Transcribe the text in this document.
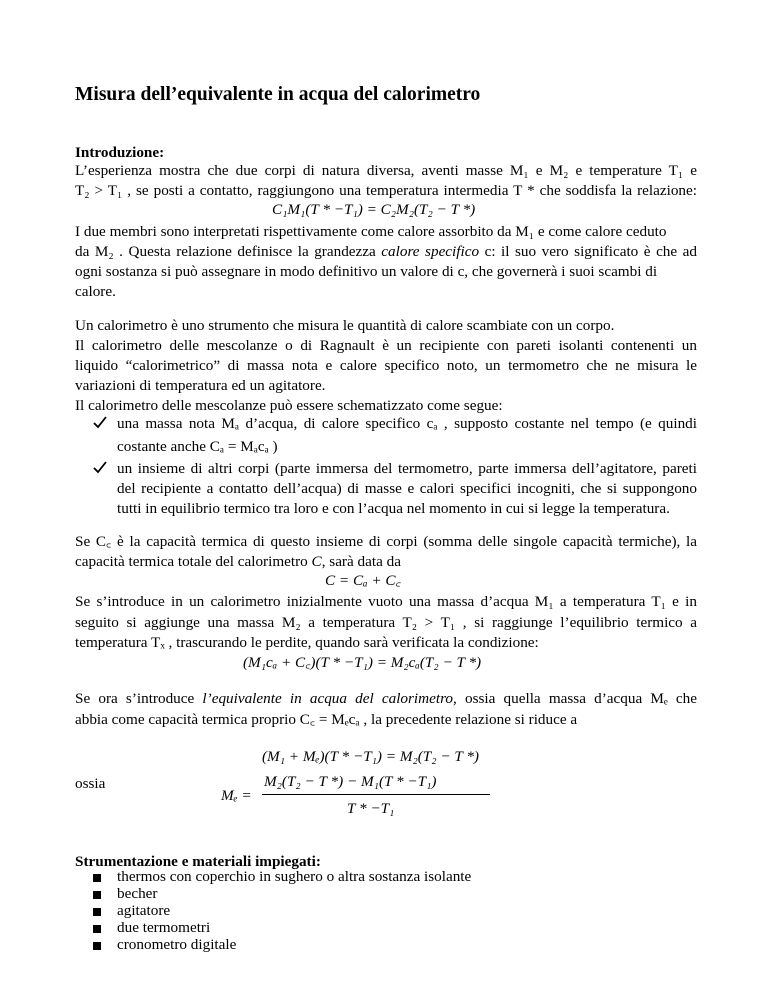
Misura dell’equivalente in acqua del calorimetro
Introduzione:
L’esperienza mostra che due corpi di natura diversa, aventi masse M₁ e M₂ e temperature T₁ e
T₂ > T₁ , se posti a contatto, raggiungono una temperatura intermedia T * che soddisfa la relazione:
C₁M₁(T * −T₁) = C₂M₂(T₂ − T *)
I due membri sono interpretati rispettivamente come calore assorbito da M₁ e come calore ceduto
da M₂ . Questa relazione definisce la grandezza calore specifico c: il suo vero significato è che ad
ogni sostanza si può assegnare in modo definitivo un valore di c, che governerà i suoi scambi di
calore.
Un calorimetro è uno strumento che misura le quantità di calore scambiate con un corpo.
Il calorimetro delle mescolanze o di Ragnault è un recipiente con pareti isolanti contenenti un
liquido “calorimetrico” di massa nota e calore specifico noto, un termometro che ne misura le
variazioni di temperatura ed un agitatore.
Il calorimetro delle mescolanze può essere schematizzato come segue:
una massa nota Mₐ d’acqua, di calore specifico cₐ , supposto costante nel tempo (e quindi
costante anche Cₐ = Mₐcₐ )
un insieme di altri corpi (parte immersa del termometro, parte immersa dell’agitatore, pareti
del recipiente a contatto dell’acqua) di masse e calori specifici incogniti, che si suppongono
tutti in equilibrio termico tra loro e con l’acqua nel momento in cui si legge la temperatura.
Se C꜀ è la capacità termica di questo insieme di corpi (somma delle singole capacità termiche), la
capacità termica totale del calorimetro C, sarà data da
C = Cₐ + C꜀
Se s’introduce in un calorimetro inizialmente vuoto una massa d’acqua M₁ a temperatura T₁ e in
seguito si aggiunge una massa M₂ a temperatura T₂ > T₁ , si raggiunge l’equilibrio termico a
temperatura Tₓ , trascurando le perdite, quando sarà verificata la condizione:
(M₁cₐ + C꜀)(T * −T₁) = M₂cₐ(T₂ − T *)
Se ora s’introduce l’equivalente in acqua del calorimetro, ossia quella massa d’acqua Mₑ che
abbia come capacità termica proprio C꜀ = Mₑcₐ , la precedente relazione si riduce a
(M₁ + Mₑ)(T * −T₁) = M₂(T₂ − T *)
ossia
Mₑ =
M₂(T₂ − T *) − M₁(T * −T₁)
T * −T₁
Strumentazione e materiali impiegati:
thermos con coperchio in sughero o altra sostanza isolante
becher
agitatore
due termometri
cronometro digitale
